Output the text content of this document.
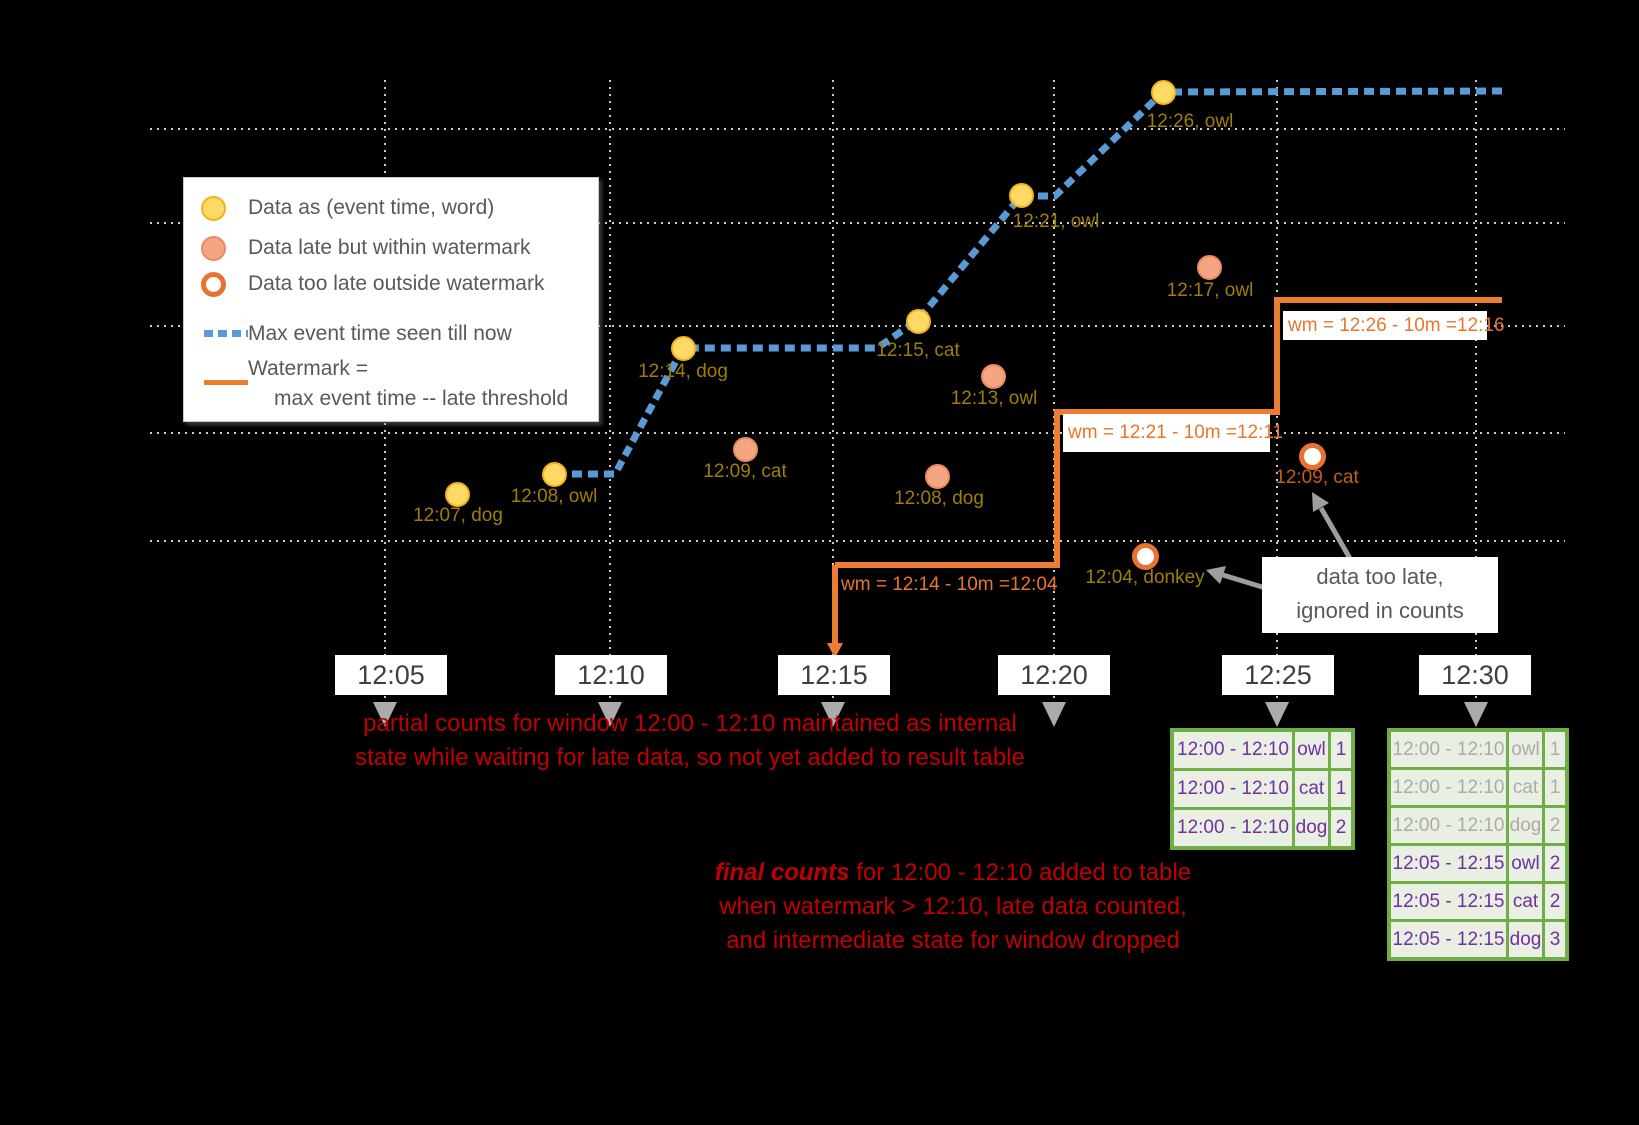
12:07, dog
12:08, owl
12:14, dog
12:15, cat
12:21, owl
12:26, owl
12:09, cat
12:13, owl
12:08, dog
12:17, owl
12:04, donkey
12:09, cat
wm = 12:14 - 10m =12:04
wm = 12:21 - 10m =12:11
wm = 12:26 - 10m =12:16
12:05	12:10	12:15	12:20	12:25	12:30
12:00 - 12:10 owl 1
12:00 - 12:10 cat 1
12:00 - 12:10 dog 2
12:00 - 12:10 owl 1
12:00 - 12:10 cat 1
12:00 - 12:10 dog 2
12:05 - 12:15 owl 2
12:05 - 12:15 cat 2
12:05 - 12:15 dog 3
Data as (event time, word)
Data late but within watermark
Data too late outside watermark
Max event time seen till now
Watermark =
max event time -- late threshold
partial counts for window 12:00 - 12:10 maintained as internal
state while waiting for late data, so not yet added to result table
final counts for 12:00 - 12:10 added to table
when watermark > 12:10, late data counted,
and intermediate state for window dropped
data too late,
ignored in counts
